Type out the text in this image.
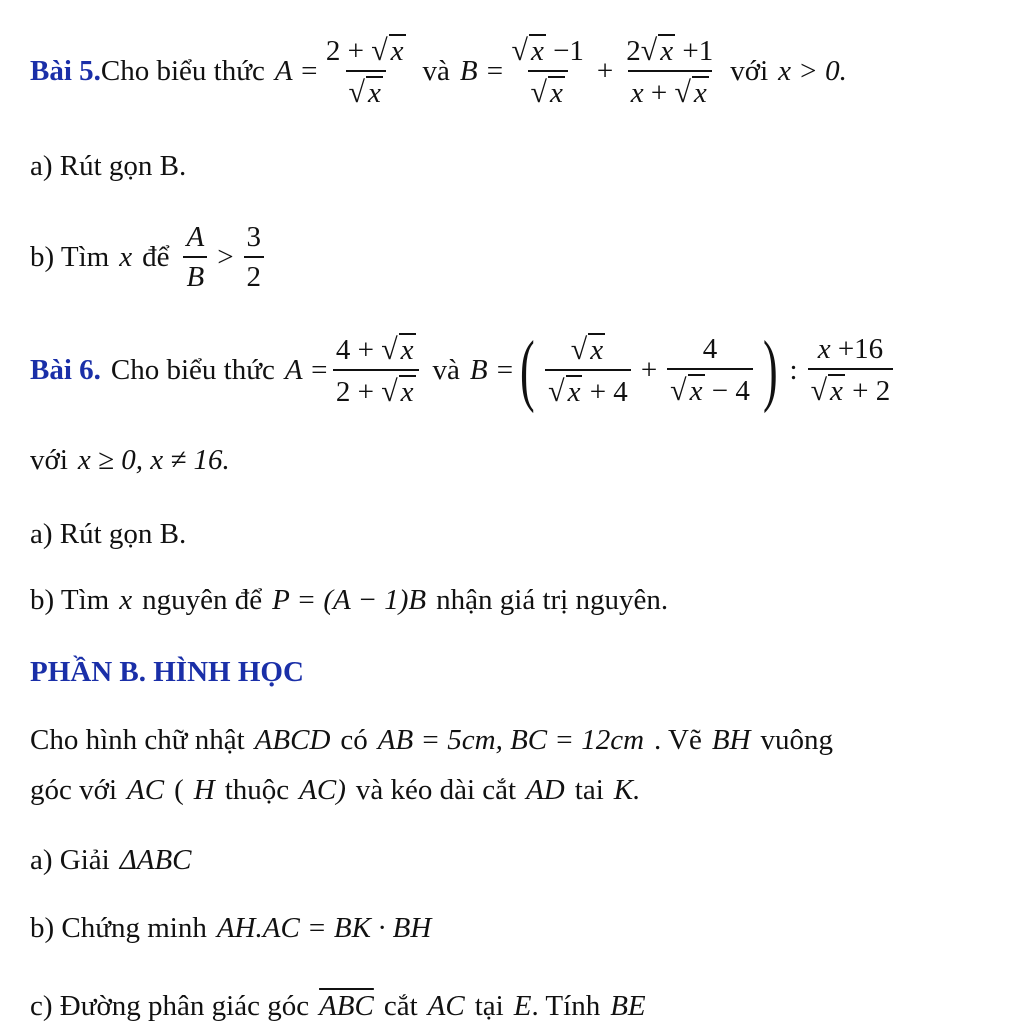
Bài 5. Cho biểu thức $A = \frac{2 + √ x}{√ x}$ và $B = \frac{√ x -1}{√ x} + \frac{2 √ x +1}{x + √ x}$ với x > 0.
a) Rút gọn B.
b) Tìm x để $\frac{A}{B} > \frac{3}{2}$
Bài 6. Cho biểu thức $A = \frac{4 + √ x}{2 + √ x}$ và B = ( $\frac{√ x}{√ x + 4} + \frac{4}{√ x - 4}$ ) : $\frac{x +16}{√ x + 2}$
với x ≥ 0, x ≠ 16.
a) Rút gọn B.
b) Tìm x nguyên để P = (A − 1)B nhận giá trị nguyên.
PHẦN B. HÌNH HỌC
Cho hình chữ nhật ABCD có AB = 5cm, BC = 12cm . Vẽ BH vuông
góc với AC ( H thuộc AC) và kéo dài cắt AD tai K.
a) Giải ΔABC
b) Chứng minh AH.AC = BK · BH
c) Đường phân giác góc $\overline{ABC}$ cắt AC tại E . Tính BE
